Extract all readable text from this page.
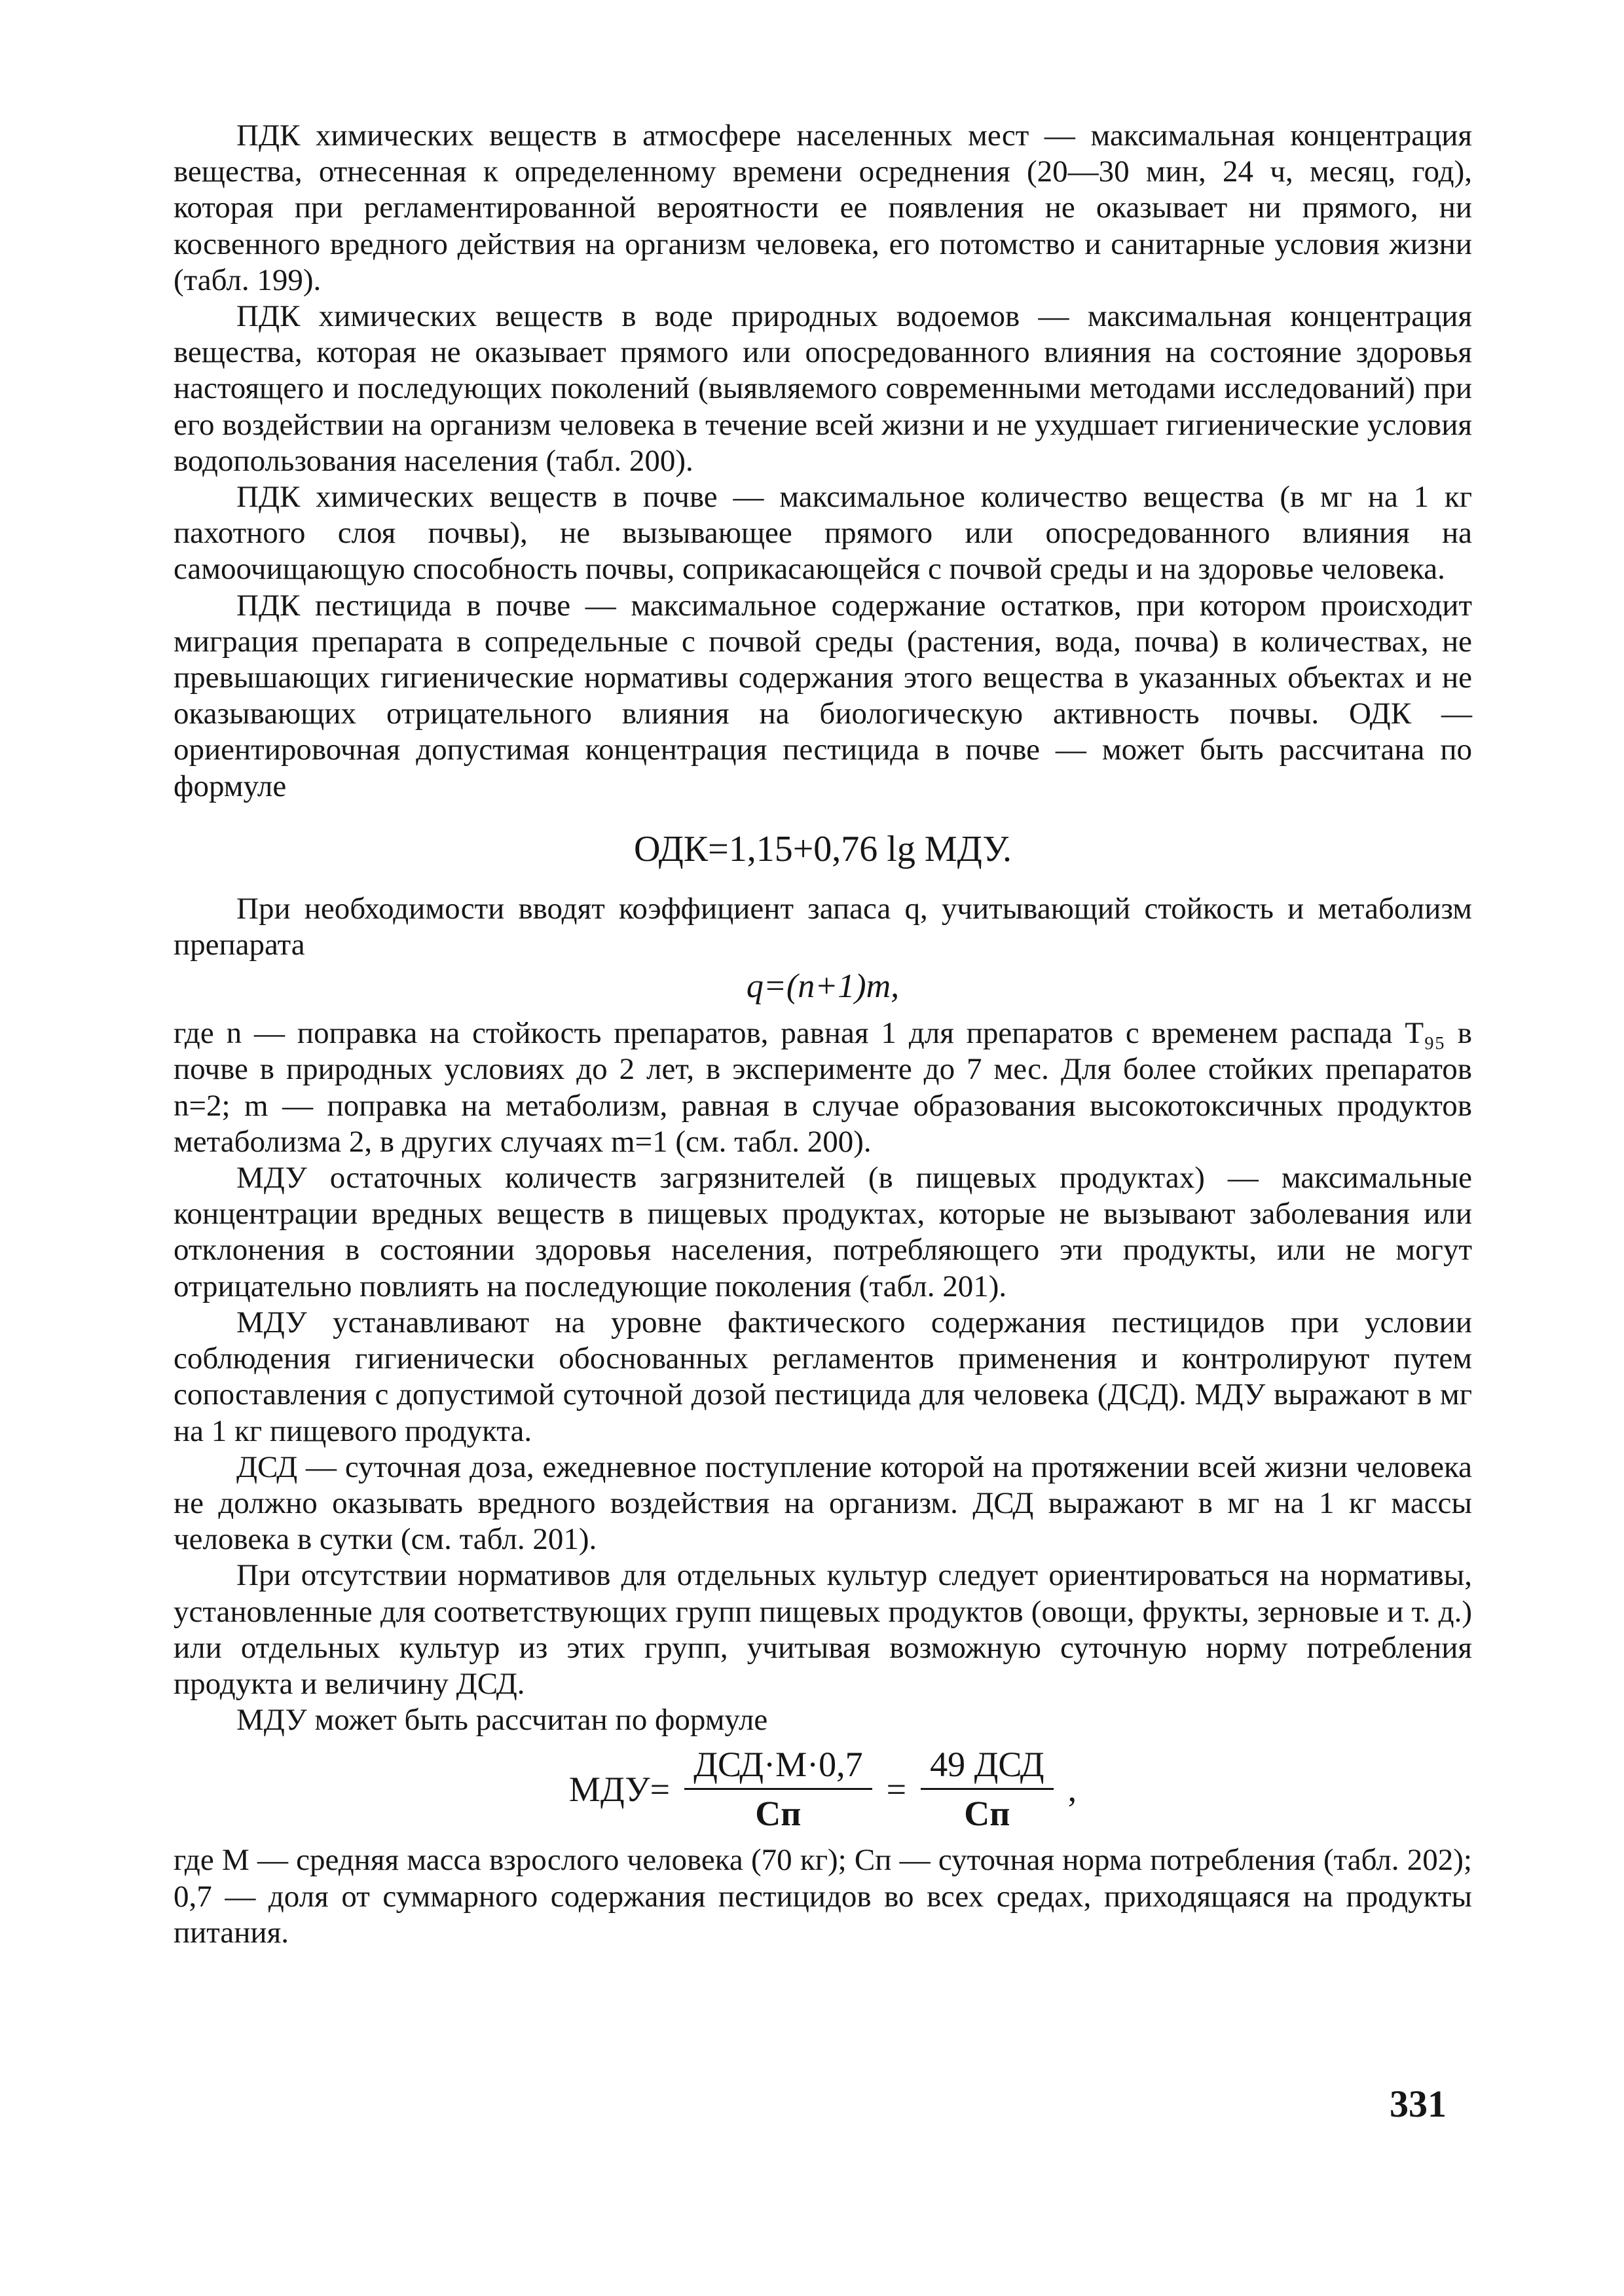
ПДК химических веществ в атмосфере населенных мест — максимальная концентрация вещества, отнесенная к определенному времени осреднения (20—30 мин, 24 ч, месяц, год), которая при регламентированной вероятности ее появления не оказывает ни прямого, ни косвенного вредного действия на организм человека, его потомство и санитарные условия жизни (табл. 199).

ПДК химических веществ в воде природных водоемов — максимальная концентрация вещества, которая не оказывает прямого или опосредованного влияния на состояние здоровья настоящего и последующих поколений (выявляемого современными методами исследований) при его воздействии на организм человека в течение всей жизни и не ухудшает гигиенические условия водопользования населения (табл. 200).

ПДК химических веществ в почве — максимальное количество вещества (в мг на 1 кг пахотного слоя почвы), не вызывающее прямого или опосредованного влияния на самоочищающую способность почвы, соприкасающейся с почвой среды и на здоровье человека.

ПДК пестицида в почве — максимальное содержание остатков, при котором происходит миграция препарата в сопредельные с почвой среды (растения, вода, почва) в количествах, не превышающих гигиенические нормативы содержания этого вещества в указанных объектах и не оказывающих отрицательного влияния на биологическую активность почвы. ОДК — ориентировочная допустимая концентрация пестицида в почве — может быть рассчитана по формуле

ОДК=1,15+0,76 lg МДУ.

При необходимости вводят коэффициент запаса q, учитывающий стойкость и метаболизм препарата

q=(n+1)m,

где n — поправка на стойкость препаратов, равная 1 для препаратов с временем распада T₉₅ в почве в природных условиях до 2 лет, в эксперименте до 7 мес. Для более стойких препаратов n=2; m — поправка на метаболизм, равная в случае образования высокотоксичных продуктов метаболизма 2, в других случаях m=1 (см. табл. 200).

МДУ остаточных количеств загрязнителей (в пищевых продуктах) — максимальные концентрации вредных веществ в пищевых продуктах, которые не вызывают заболевания или отклонения в состоянии здоровья населения, потребляющего эти продукты, или не могут отрицательно повлиять на последующие поколения (табл. 201).

МДУ устанавливают на уровне фактического содержания пестицидов при условии соблюдения гигиенически обоснованных регламентов применения и контролируют путем сопоставления с допустимой суточной дозой пестицида для человека (ДСД). МДУ выражают в мг на 1 кг пищевого продукта.

ДСД — суточная доза, ежедневное поступление которой на протяжении всей жизни человека не должно оказывать вредного воздействия на организм. ДСД выражают в мг на 1 кг массы человека в сутки (см. табл. 201).

При отсутствии нормативов для отдельных культур следует ориентироваться на нормативы, установленные для соответствующих групп пищевых продуктов (овощи, фрукты, зерновые и т. д.) или отдельных культур из этих групп, учитывая возможную суточную норму потребления продукта и величину ДСД.

МДУ может быть рассчитан по формуле

$МДУ= \frac{\text{ДСД·М·0,7}}{Сп} = \frac{\text{49 ДСД}}{Сп}$ ,

где М — средняя масса взрослого человека (70 кг); Сп — суточная норма потребления (табл. 202); 0,7 — доля от суммарного содержания пестицидов во всех средах, приходящаяся на продукты питания.

331
